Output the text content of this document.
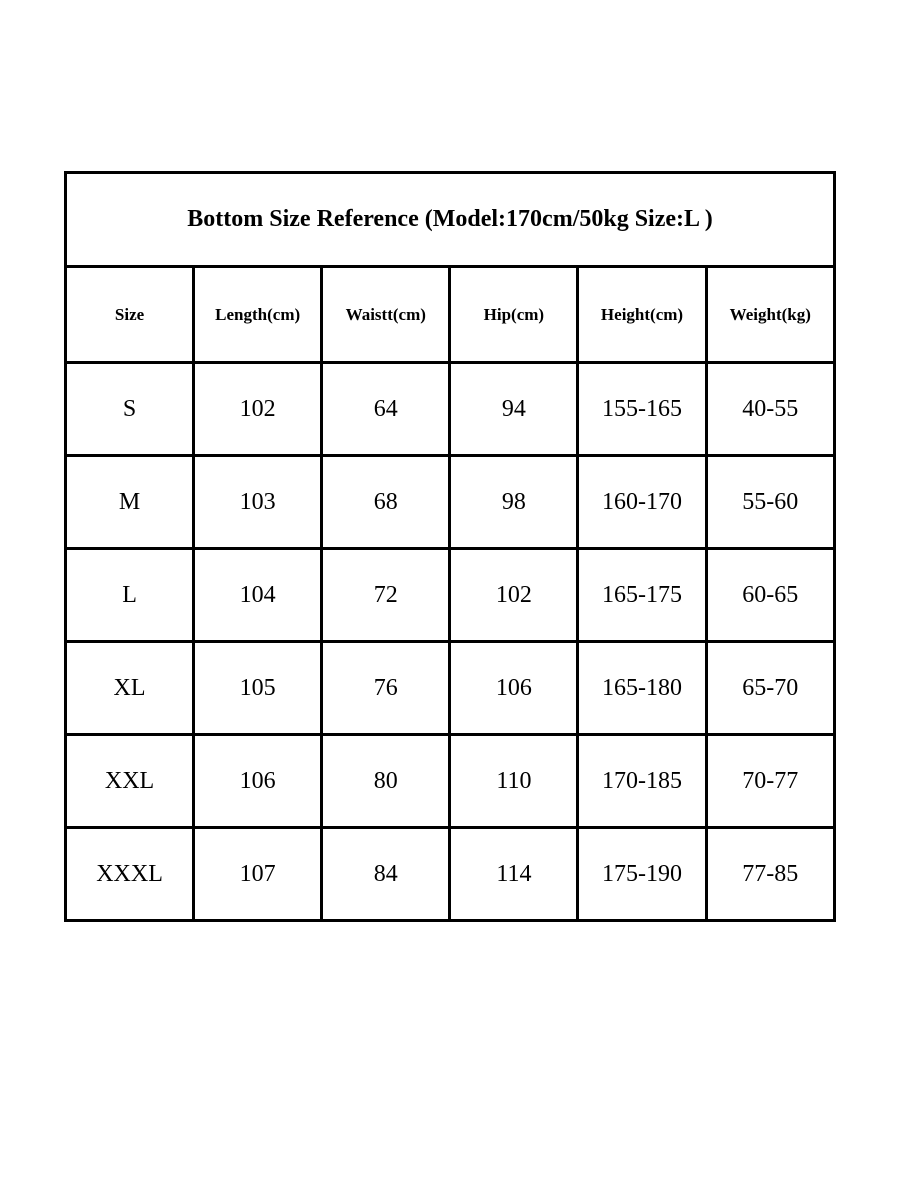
Bottom Size Reference (Model:170cm/50kg Size:L )					
Size	Length(cm)	Waistt(cm)	Hip(cm)	Height(cm)	Weight(kg)
S	102	64	94	155-165	40-55
M	103	68	98	160-170	55-60
L	104	72	102	165-175	60-65
XL	105	76	106	165-180	65-70
XXL	106	80	110	170-185	70-77
XXXL	107	84	114	175-190	77-85
